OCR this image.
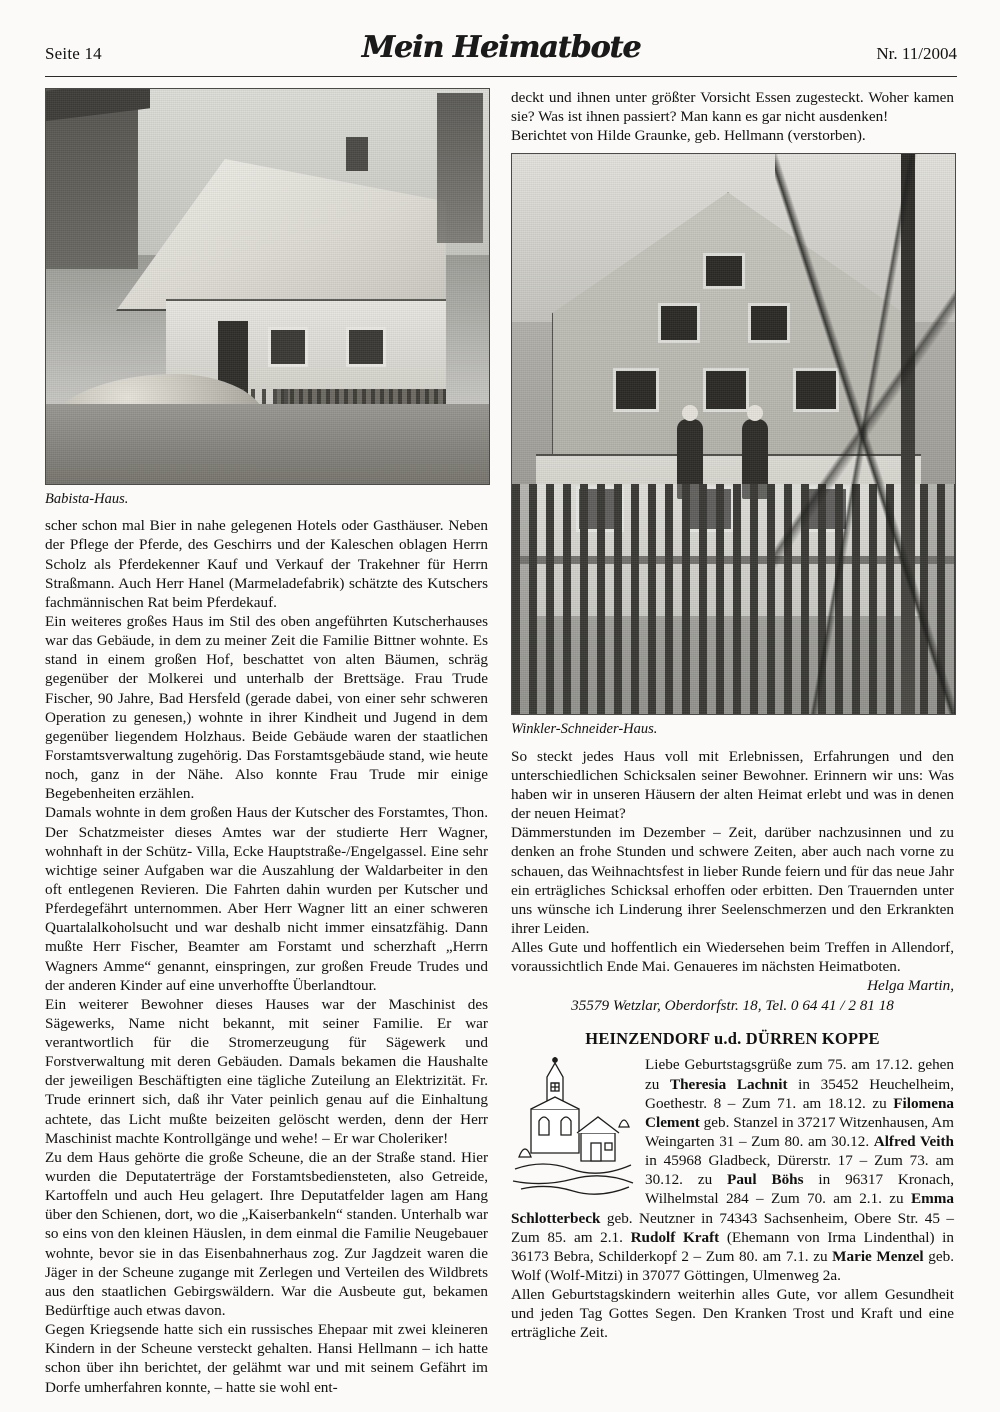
Seite 14	Mein Heimatbote	Nr. 11/2004
Babista-Haus.

scher schon mal Bier in nahe gelegenen Hotels oder Gasthäuser. Neben der Pflege der Pferde, des Geschirrs und der Kaleschen oblagen Herrn Scholz als Pferdekenner Kauf und Verkauf der Trakehner für Herrn Straßmann. Auch Herr Hanel (Marmeladefabrik) schätzte des Kutschers fachmännischen Rat beim Pferdekauf.

Ein weiteres großes Haus im Stil des oben angeführten Kutscherhauses war das Gebäude, in dem zu meiner Zeit die Familie Bittner wohnte. Es stand in einem großen Hof, beschattet von alten Bäumen, schräg gegenüber der Molkerei und unterhalb der Brettsäge. Frau Trude Fischer, 90 Jahre, Bad Hersfeld (gerade dabei, von einer sehr schweren Operation zu genesen,) wohnte in ihrer Kindheit und Jugend in dem gegenüber liegendem Holzhaus. Beide Gebäude waren der staatlichen Forstamtsverwaltung zugehörig. Das Forstamtsgebäude stand, wie heute noch, ganz in der Nähe. Also konnte Frau Trude mir einige Begebenheiten erzählen.

Damals wohnte in dem großen Haus der Kutscher des Forstamtes, Thon. Der Schatzmeister dieses Amtes war der studierte Herr Wagner, wohnhaft in der Schütz- Villa, Ecke Hauptstraße-/Engelgassel. Eine sehr wichtige seiner Aufgaben war die Auszahlung der Waldarbeiter in den oft entlegenen Revieren. Die Fahrten dahin wurden per Kutscher und Pferdegefährt unternommen. Aber Herr Wagner litt an einer schweren Quartalalkoholsucht und war deshalb nicht immer einsatzfähig. Dann mußte Herr Fischer, Beamter am Forstamt und scherzhaft „Herrn Wagners Amme“ genannt, einspringen, zur großen Freude Trudes und der anderen Kinder auf eine unverhoffte Überlandtour.

Ein weiterer Bewohner dieses Hauses war der Maschinist des Sägewerks, Name nicht bekannt, mit seiner Familie. Er war verantwortlich für die Stromerzeugung für Sägewerk und Forstverwaltung mit deren Gebäuden. Damals bekamen die Haushalte der jeweiligen Beschäftigten eine tägliche Zuteilung an Elektrizität. Fr. Trude erinnert sich, daß ihr Vater peinlich genau auf die Einhaltung achtete, das Licht mußte beizeiten gelöscht werden, denn der Herr Maschinist machte Kontrollgänge und wehe! – Er war Choleriker!

Zu dem Haus gehörte die große Scheune, die an der Straße stand. Hier wurden die Deputaterträge der Forstamtsbediensteten, also Getreide, Kartoffeln und auch Heu gelagert. Ihre Deputatfelder lagen am Hang über den Schienen, dort, wo die „Kaiserbankeln“ standen. Unterhalb war so eins von den kleinen Häuslen, in dem einmal die Familie Neugebauer wohnte, bevor sie in das Eisenbahnerhaus zog. Zur Jagdzeit waren die Jäger in der Scheune zugange mit Zerlegen und Verteilen des Wildbrets aus den staatlichen Gebirgswäldern. War die Ausbeute gut, bekamen Bedürftige auch etwas davon.

Gegen Kriegsende hatte sich ein russisches Ehepaar mit zwei kleineren Kindern in der Scheune versteckt gehalten. Hansi Hellmann – ich hatte schon über ihn berichtet, der gelähmt war und mit seinem Gefährt im Dorfe umherfahren konnte, – hatte sie wohl ent-

deckt und ihnen unter größter Vorsicht Essen zugesteckt. Woher kamen sie? Was ist ihnen passiert? Man kann es gar nicht ausdenken!

Berichtet von Hilde Graunke, geb. Hellmann (verstorben).

Winkler-Schneider-Haus.

So steckt jedes Haus voll mit Erlebnissen, Erfahrungen und den unterschiedlichen Schicksalen seiner Bewohner. Erinnern wir uns: Was haben wir in unseren Häusern der alten Heimat erlebt und was in denen der neuen Heimat?

Dämmerstunden im Dezember – Zeit, darüber nachzusinnen und zu denken an frohe Stunden und schwere Zeiten, aber auch nach vorne zu schauen, das Weihnachtsfest in lieber Runde feiern und für das neue Jahr ein erträgliches Schicksal erhoffen oder erbitten. Den Trauernden unter uns wünsche ich Linderung ihrer Seelenschmerzen und den Erkrankten ihrer Leiden.

Alles Gute und hoffentlich ein Wiedersehen beim Treffen in Allendorf, voraussichtlich Ende Mai. Genaueres im nächsten Heimatboten.

Helga Martin,
35579 Wetzlar, Oberdorfstr. 18, Tel. 0 64 41 / 2 81 18
HEINZENDORF u.d. DÜRREN KOPPE
Liebe Geburtstagsgrüße zum 75. am 17.12. gehen zu Theresia Lachnit in 35452 Heuchelheim, Goethestr. 8 – Zum 71. am 18.12. zu Filomena Clement geb. Stanzel in 37217 Witzenhausen, Am Weingarten 31 – Zum 80. am 30.12. Alfred Veith in 45968 Gladbeck, Dürerstr. 17 – Zum 73. am 30.12. zu Paul Böhs in 96317 Kronach, Wilhelmstal 284 – Zum 70. am 2.1. zu Emma Schlotterbeck geb. Neutzner in 74343 Sachsenheim, Obere Str. 45 – Zum 85. am 2.1. Rudolf Kraft (Ehemann von Irma Lindenthal) in 36173 Bebra, Schilderkopf 2 – Zum 80. am 7.1. zu Marie Menzel geb. Wolf (Wolf-Mitzi) in 37077 Göttingen, Ulmenweg 2a.

Allen Geburtstagskindern weiterhin alles Gute, vor allem Gesundheit und jeden Tag Gottes Segen. Den Kranken Trost und Kraft und eine erträgliche Zeit.
